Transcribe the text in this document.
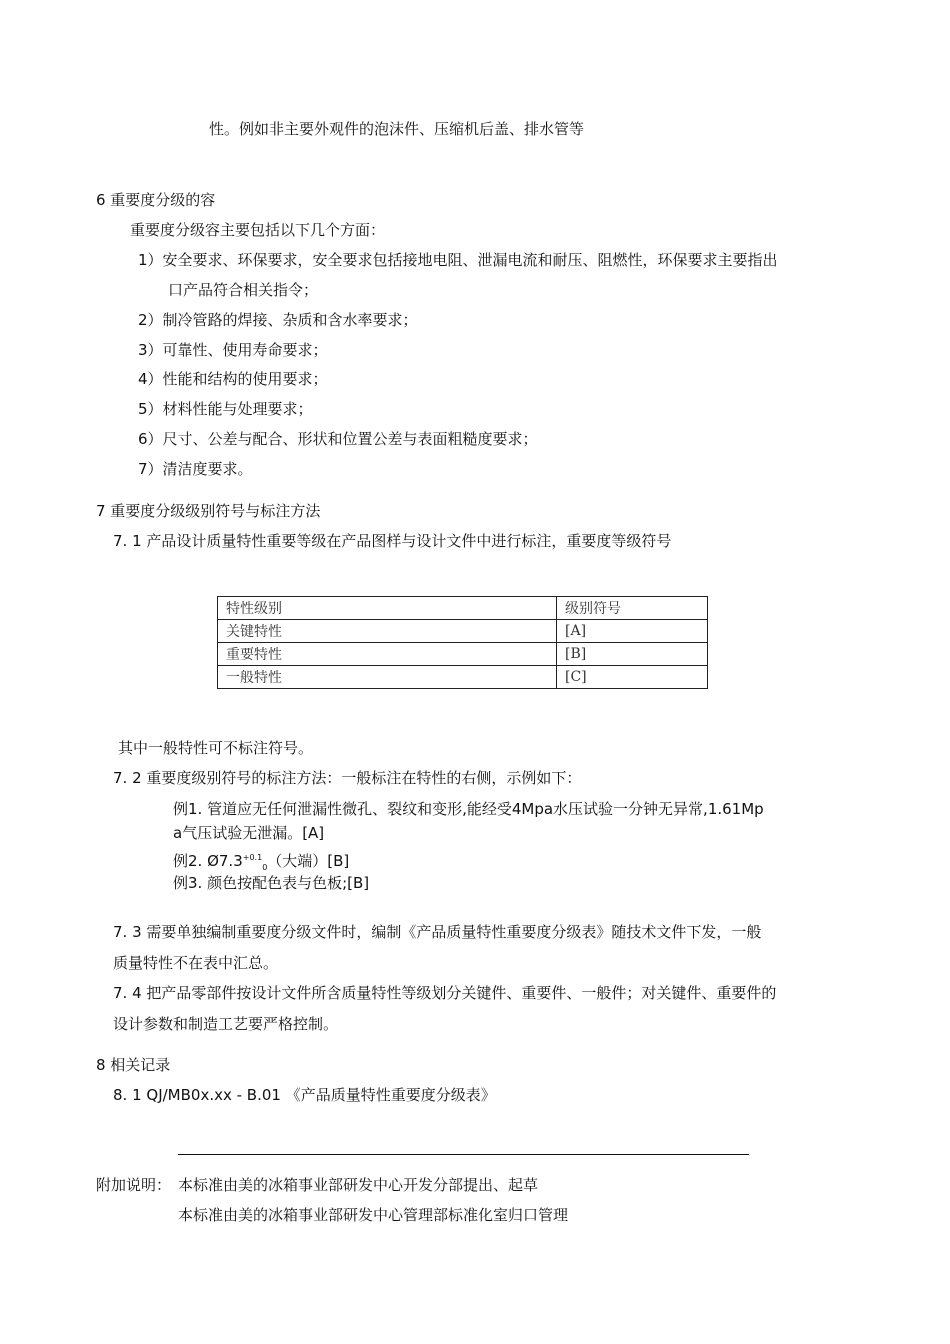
性。例如非主要外观件的泡沫件、压缩机后盖、排水管等
6 重要度分级的容
重要度分级容主要包括以下几个方面：
1）安全要求、环保要求，安全要求包括接地电阻、泄漏电流和耐压、阻燃性，环保要求主要指出
口产品符合相关指令；
2）制冷管路的焊接、杂质和含水率要求；
3）可靠性、使用寿命要求；
4）性能和结构的使用要求；
5）材料性能与处理要求；
6）尺寸、公差与配合、形状和位置公差与表面粗糙度要求；
7）清洁度要求。
7 重要度分级级别符号与标注方法
7. 1 产品设计质量特性重要等级在产品图样与设计文件中进行标注，重要度等级符号
特性级别	级别符号
关键特性	[A]
重要特性	[B]
一般特性	[C]
其中一般特性可不标注符号。
7. 2 重要度级别符号的标注方法：一般标注在特性的右侧，示例如下：
例1. 管道应无任何泄漏性微孔、裂纹和变形,能经受4Mpa水压试验一分钟无异常,1.61Mp
a气压试验无泄漏。[A]
例2. $Ø7.3^{+0.1}_0$（大端）[B]
例3. 颜色按配色表与色板;[B]
7. 3 需要单独编制重要度分级文件时，编制《产品质量特性重要度分级表》随技术文件下发，一般
质量特性不在表中汇总。
7. 4 把产品零部件按设计文件所含质量特性等级划分关键件、重要件、一般件；对关键件、重要件的
设计参数和制造工艺要严格控制。
8 相关记录
8. 1 QJ/MB0x.xx - B.01 《产品质量特性重要度分级表》
附加说明： 本标准由美的冰箱事业部研发中心开发分部提出、起草
本标准由美的冰箱事业部研发中心管理部标准化室归口管理
